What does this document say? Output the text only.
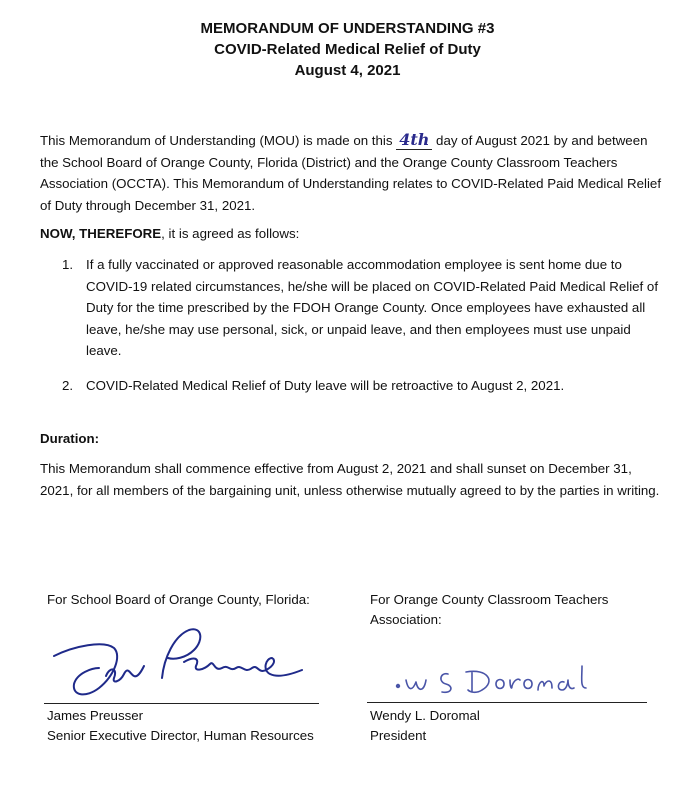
MEMORANDUM OF UNDERSTANDING #3
COVID-Related Medical Relief of Duty
August 4, 2021
This Memorandum of Understanding (MOU) is made on this 4th day of August 2021 by and between the School Board of Orange County, Florida (District) and the Orange County Classroom Teachers Association (OCCTA). This Memorandum of Understanding relates to COVID-Related Paid Medical Relief of Duty through December 31, 2021.
NOW, THEREFORE, it is agreed as follows:
1. If a fully vaccinated or approved reasonable accommodation employee is sent home due to COVID-19 related circumstances, he/she will be placed on COVID-Related Paid Medical Relief of Duty for the time prescribed by the FDOH Orange County. Once employees have exhausted all leave, he/she may use personal, sick, or unpaid leave, and then employees must use unpaid leave.
2. COVID-Related Medical Relief of Duty leave will be retroactive to August 2, 2021.
Duration:
This Memorandum shall commence effective from August 2, 2021 and shall sunset on December 31, 2021, for all members of the bargaining unit, unless otherwise mutually agreed to by the parties in writing.
For School Board of Orange County, Florida:
James Preusser
Senior Executive Director, Human Resources
For Orange County Classroom Teachers Association:
Wendy L. Doromal
President
